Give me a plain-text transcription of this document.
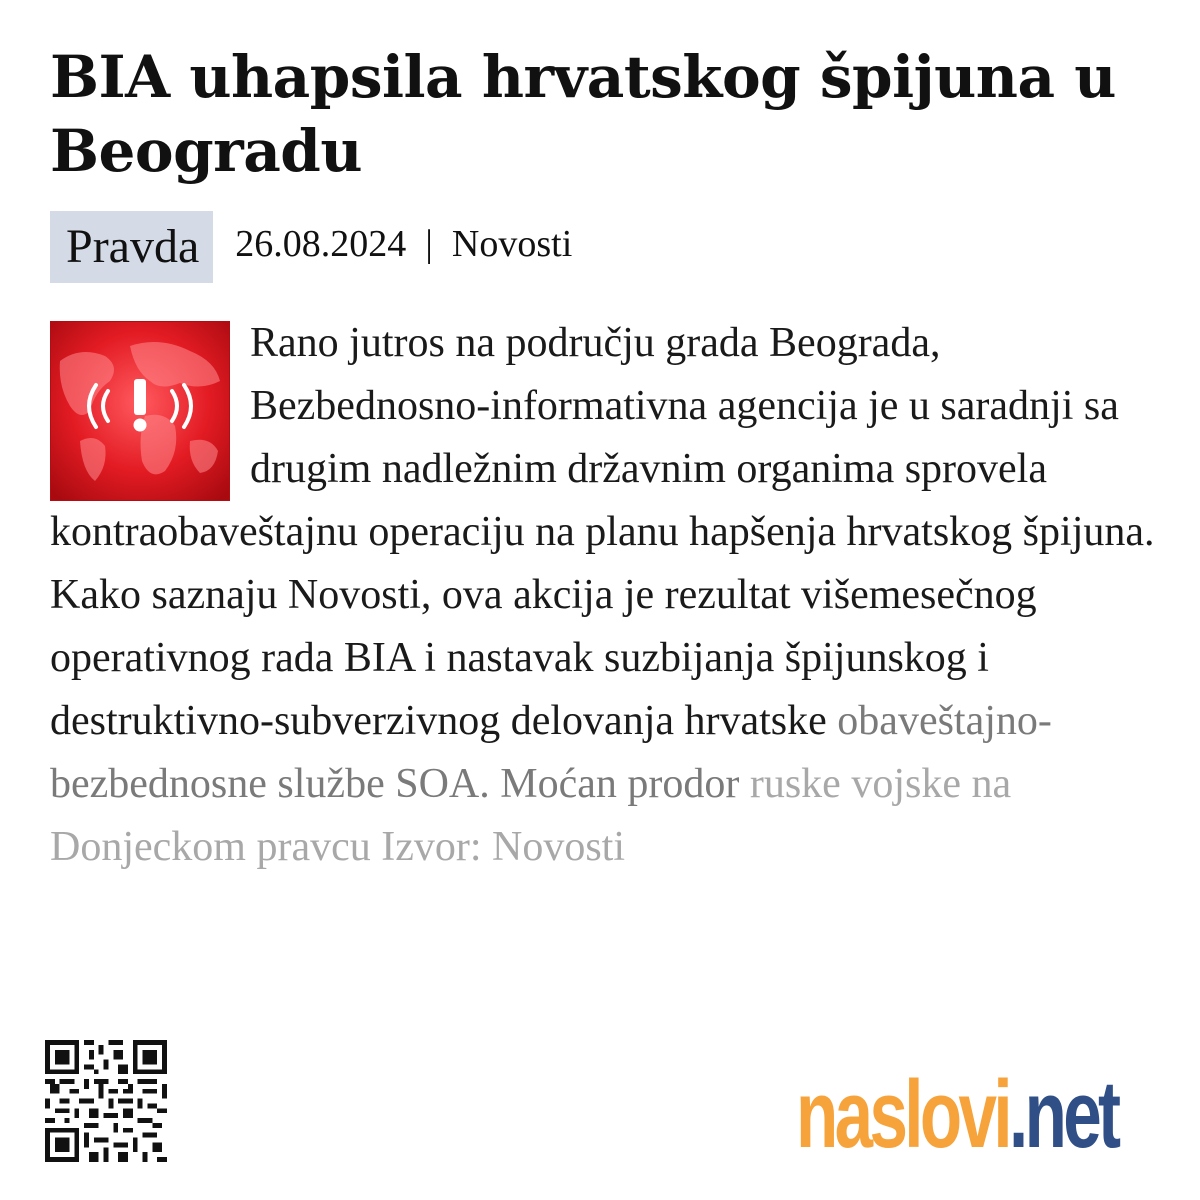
BIA uhapsila hrvatskog špijuna u Beogradu
Pravda 26.08.2024 | Novosti
Rano jutros na području grada Beograda, Bezbednosno-informativna agencija je u saradnji sa drugim nadležnim državnim organima sprovela kontraobaveštajnu operaciju na planu hapšenja hrvatskog špijuna. Kako saznaju Novosti, ova akcija je rezultat višemesečnog operativnog rada BIA i nastavak suzbijanja špijunskog i destruktivno-subverzivnog delovanja hrvatske obaveštajno-bezbednosne službe SOA. Moćan prodor ruske vojske na Donjeckom pravcu Izvor: Novosti
naslovi.net
